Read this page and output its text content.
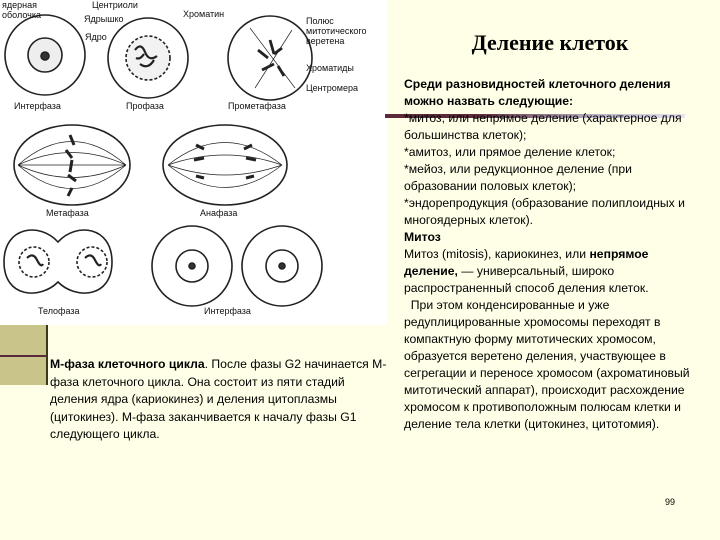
ядерная
оболочка
Центриоли
Ядрышко
Ядро
Хроматин
Полюс
митотического
веретена
Хроматиды
Центромера
Интерфаза	Профаза	Прометафаза
Метафаза	Анафаза
Телофаза	Интерфаза
Деление клеток

Среди разновидностей клеточного деления можно назвать следующие:

*митоз, или непрямое деление (характерное для большинства клеток);

*амитоз, или прямое деление клеток;

*мейоз, или редукционное деление (при образовании половых клеток);

*эндорепродукция (образование полиплоидных и многоядерных клеток).

Митоз

Митоз (mitosis), кариокинез, или непрямое деление, — универсальный, широко распространенный способ деления клеток.

При этом конденсированные и уже редуплицированные хромосомы переходят в компактную форму митотических хромосом, образуется веретено деления, участвующее в сегрегации и переносе хромосом (ахроматиновый митотический аппарат), происходит расхождение хромосом к противоположным полюсам клетки и деление тела клетки (цитокинез, цитотомия).

М-фаза клеточного цикла. После фазы G2 начинается М-фаза клеточного цикла. Она состоит из пяти стадий деления ядра (кариокинез) и деления цитоплазмы (цитокинез). М-фаза заканчивается к началу фазы G1 следующего цикла.
99
